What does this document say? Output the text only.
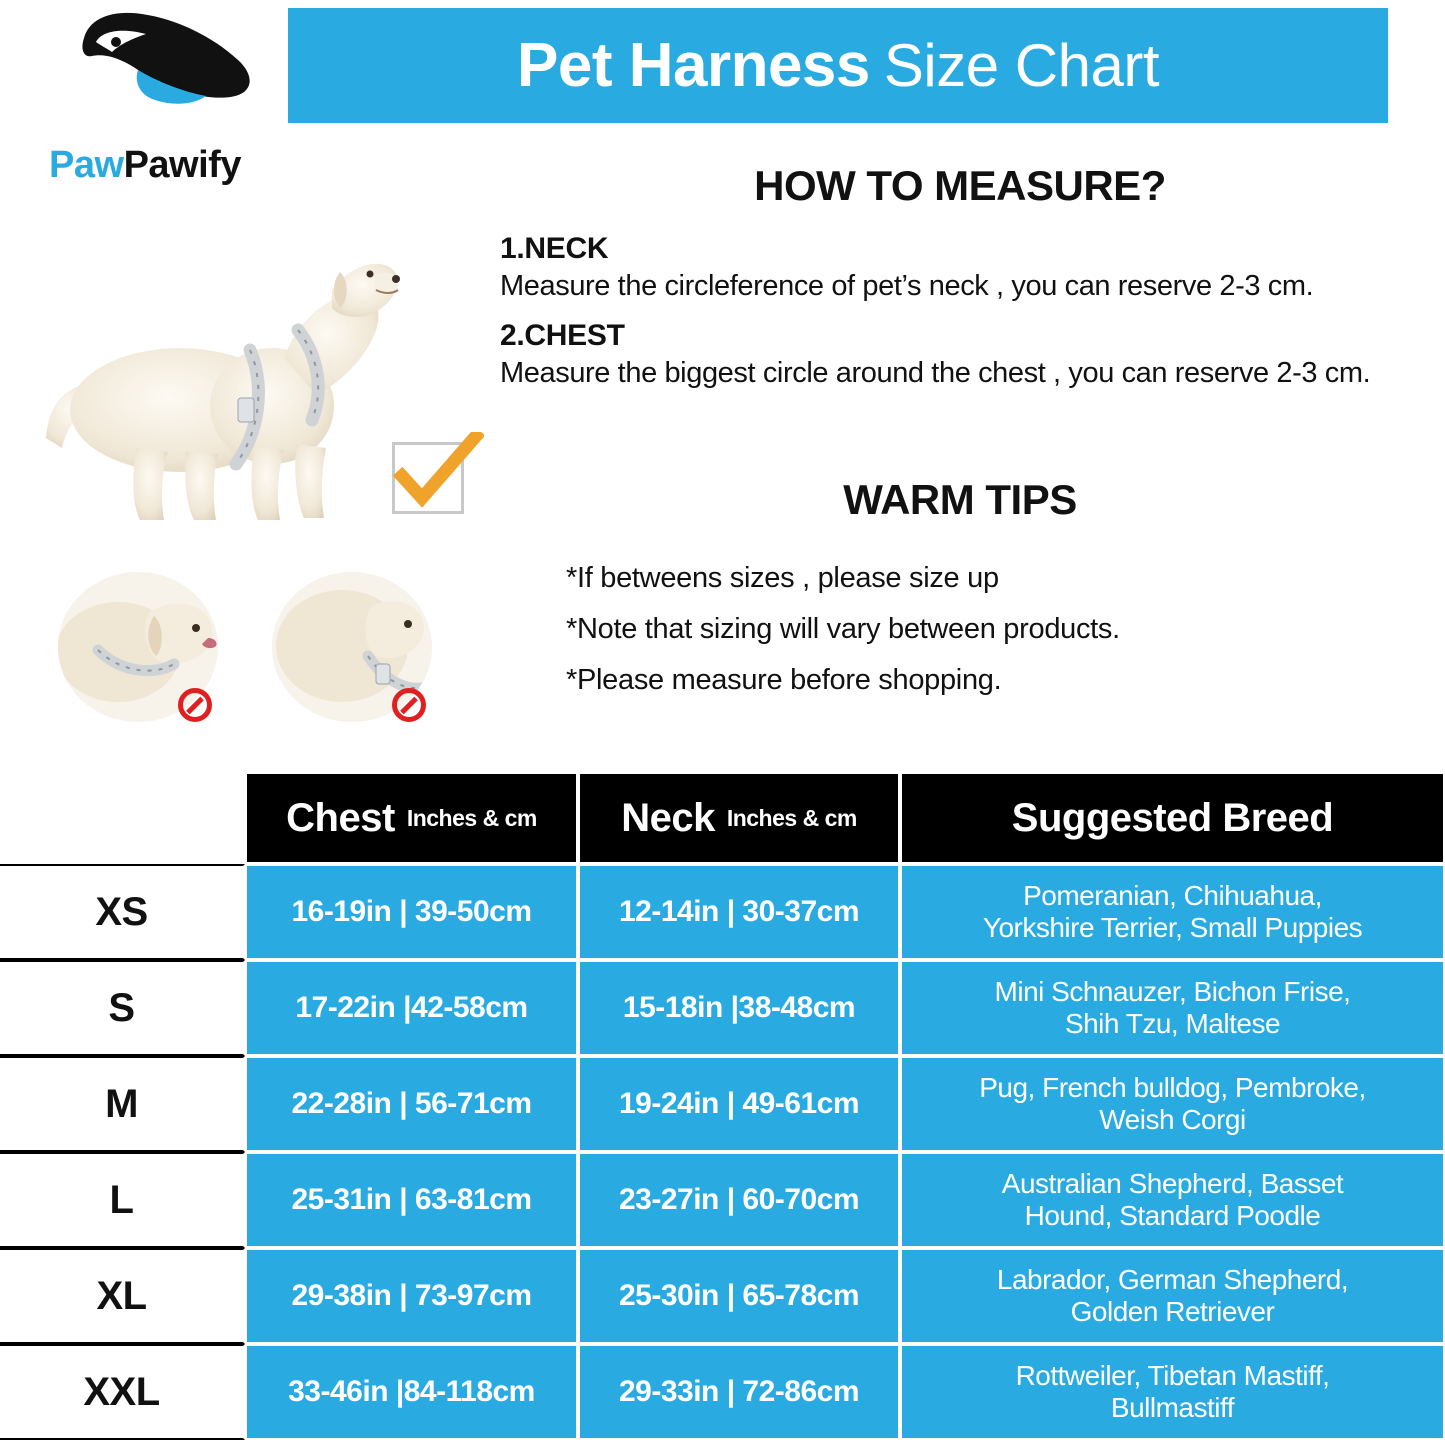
Pet Harness Size Chart
PawPawify	HOW TO MEASURE?
1.NECK
Measure the circleference of pet’s neck , you can reserve 2-3 cm.
2.CHEST
Measure the biggest circle around the chest , you can reserve 2-3 cm.
WARM TIPS
*If betweens sizes , please size up
*Note that sizing will vary between products.
*Please measure before shopping.
Chest Inches & cm Neck Inches & cm	Suggested Breed
XS	16-19in | 39-50cm	12-14in | 30-37cm	Pomeranian, Chihuahua,
Yorkshire Terrier, Small Puppies
S	17-22in |42-58cm	15-18in |38-48cm	Mini Schnauzer, Bichon Frise,
Shih Tzu, Maltese
M	22-28in | 56-71cm	19-24in | 49-61cm	Pug, French bulldog, Pembroke,
Weish Corgi
L	25-31in | 63-81cm	23-27in | 60-70cm	Australian Shepherd, Basset
Hound, Standard Poodle
XL	29-38in | 73-97cm	25-30in | 65-78cm	Labrador, German Shepherd,
Golden Retriever
XXL	33-46in |84-118cm	29-33in | 72-86cm	Rottweiler, Tibetan Mastiff,
Bullmastiff
